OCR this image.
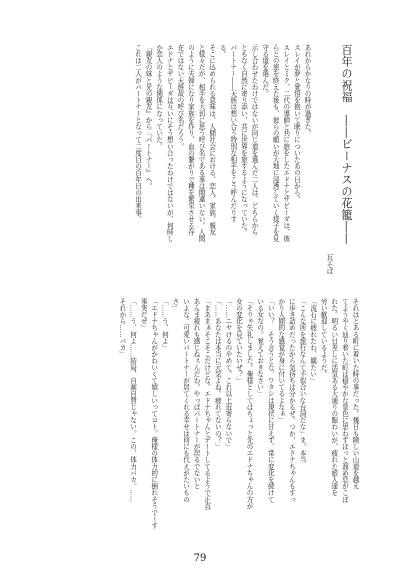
百年の祝福　――ビーナスの花籠――
瓦そば
あれからかなりの時が過ぎた。
スレイが夢と覚悟を抱いて眠りについたあの日から。
スレイとミク、二代の導師と共に旅をしたエドナとザビーダは、彼
らとの旅を終えた後も、彼らの願いが大地に浸透していく様子を見
守る道を選んだ。
示し合わせたわけではないが同じ道を選んだ二人は、どちらから
ともなく自然に寄り添い、共に世界を旅するようになっていた。
パートナー――天族は想い合う特別な相手をこう呼んだりす
る。
そこに込められる意味は、人間社会における、恋人、家族、親友
と様々だが、相手を大切に思う呼び名である事は間違いない。人間
のように夫婦になり家族を作り、血の繋がりで種を繁栄させる存
在ではない天族故の呼び名だろう。
エドナとザビーダは互いにそう想い合ったわけではないが、何時し
か恋人のような関係になっていた。
『親友の妹と兄の親友』から『パートナー』へ。
これは二人がパートナーとなって二度目の百年目の出来事。
それはとある町に着いた時の事だった。幾日も険しい山道を越え
てようやく辿り着いた町は穏やかな景色に思わずほっと溜め息がこぼ
れた。明るい日差しに活気ある大通りの賑わいが、疲れた旅人達を
労い歓迎しているようだ。
「流石に疲れたわ、観たい」
「こんな所を旅行なんて不似合いな台詞だな」ま、本当
に歩き詰めだったから気持ちは分かるぜ。つか、エドナちゃんもすっ
かり人間的な感覚が身に付いてるよなぁ」
「いい？　そう言うとな、ワタシは現状に甘えず、常に変化を続けて
いる女なの。覚えておきなさい」
「そりゃ失礼しました。俺様としてはちょっと先のエドナちゃんの方が
女の変化を見ていたいぜ？」
「……ニヤけるのやめて。これ以上近寄らないで」
「……あなたは本当に元気よね。疲れてないの？」
「まあまぁそこそこだけどな。エドナちゃんとデートしてるようで正直
あんま疲れも感じねぇんだわ。やっぱパートナーが居るでないと
いよな。可愛いパートナーが居てくれる幸せは何にも代えがたいもの
さ」
「……う、何よ」
「エドナちゃんがかわいくて嬉しいってコト。俺様の体力的に倒れそうで〜す
事実だぜ」
「……う、何よ……結局、自画自賛じゃない。この、体力バカ。……
それから……バカ」
79
